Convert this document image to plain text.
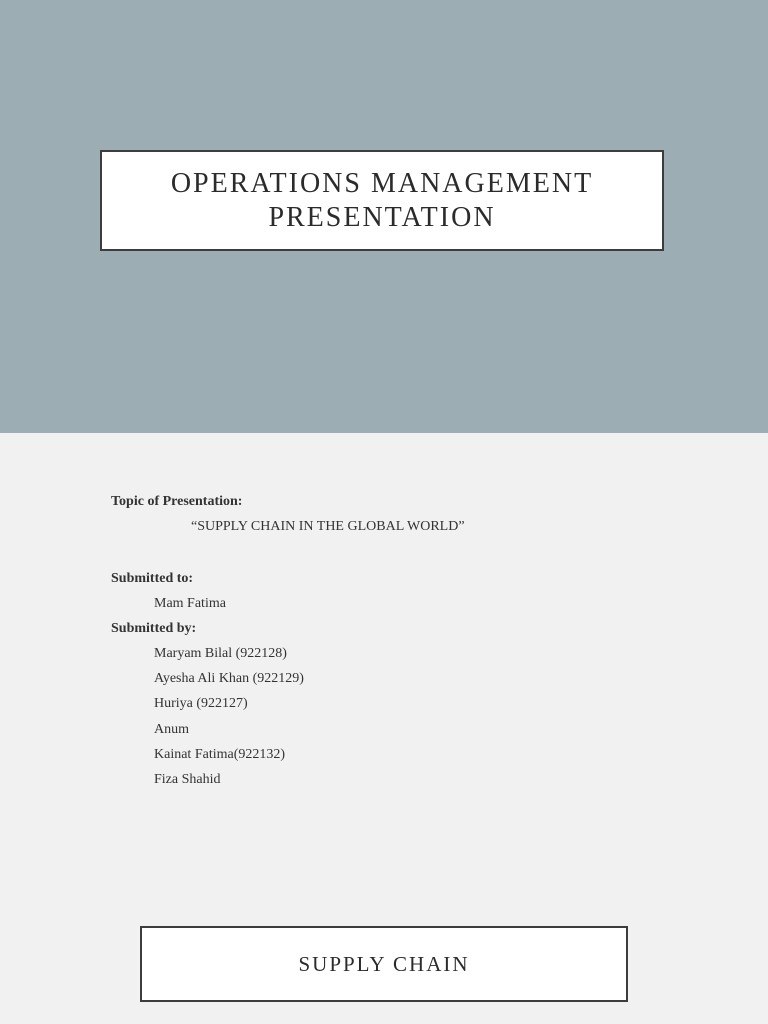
OPERATIONS MANAGEMENT
PRESENTATION
Topic of Presentation:
“SUPPLY CHAIN IN THE GLOBAL WORLD”
Submitted to:
Mam Fatima
Submitted by:
Maryam Bilal (922128)
Ayesha Ali Khan (922129)
Huriya (922127)
Anum
Kainat Fatima(922132)
Fiza Shahid
SUPPLY CHAIN
